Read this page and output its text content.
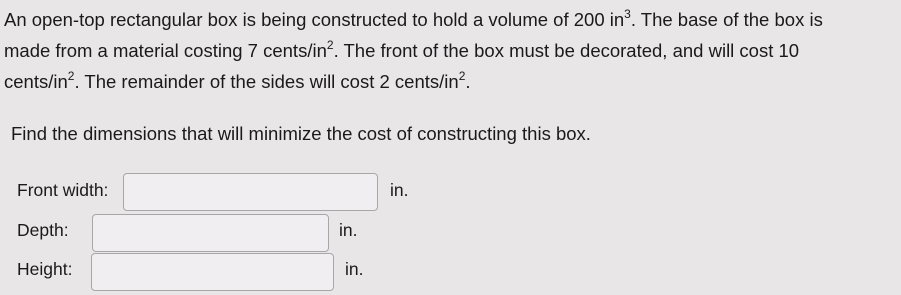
An open-top rectangular box is being constructed to hold a volume of 200 $in^3$. The base of the box is

made from a material costing 7 cents/$in^2$. The front of the box must be decorated, and will cost 10

cents/$in^2$. The remainder of the sides will cost 2 cents/$in^2$.

Find the dimensions that will minimize the cost of constructing this box.
Front width:	in.
Depth:	in.
Height:	in.
